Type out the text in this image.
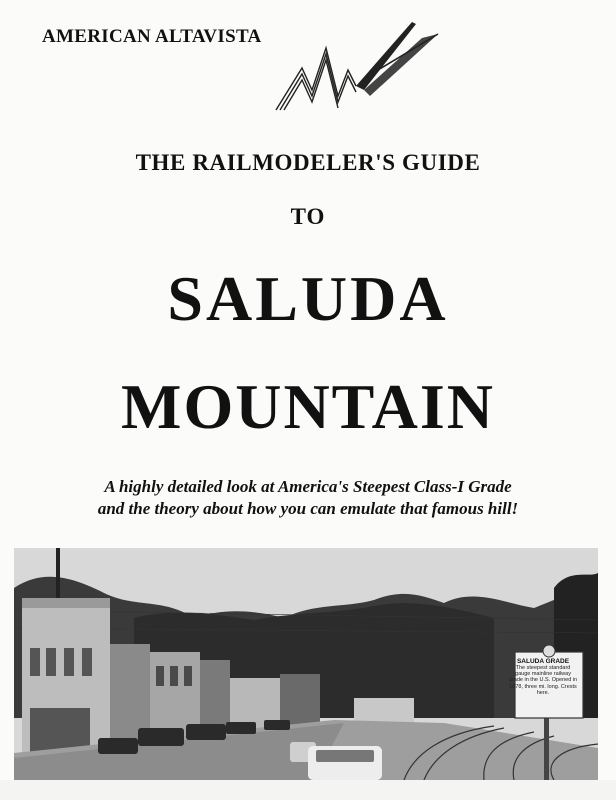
AMERICAN ALTAVISTA
THE RAILMODELER'S GUIDE
TO
SALUDA
MOUNTAIN
A highly detailed look at America's Steepest Class-I Grade
and the theory about how you can emulate that famous hill!
SALUDA GRADE
The steepest standard gauge mainline railway grade in the U.S. Opened in 1878, three mi. long. Crests here.
